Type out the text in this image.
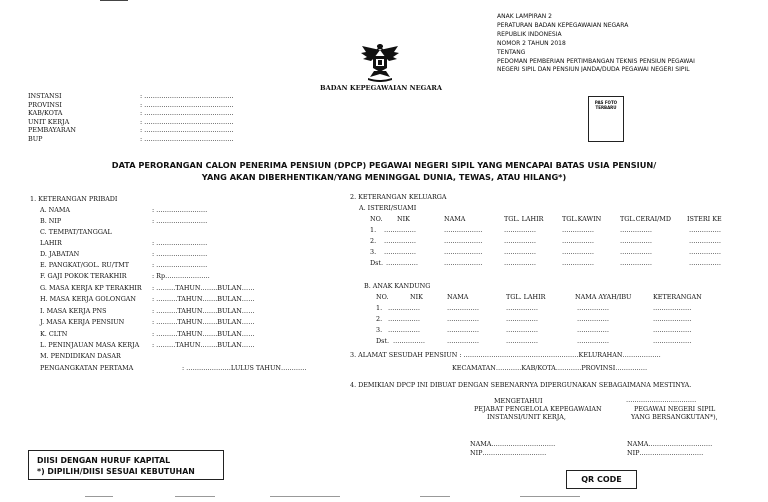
ANAK LAMPIRAN 2
PERATURAN BADAN KEPEGAWAIAN NEGARA
REPUBLIK INDONESIA
NOMOR 2 TAHUN 2018
TENTANG
PEDOMAN PEMBERIAN PERTIMBANGAN TEKNIS PENSIUN PEGAWAI
NEGERI SIPIL DAN PENSIUN JANDA/DUDA PEGAWAI NEGERI SIPIL
BADAN KEPEGAWAIAN NEGARA
PAS FOTO
TERBARU
INSTANSI	: ……………………………………
PROVINSI	: ……………………………………
KAB/KOTA	: ……………………………………
UNIT KERJA	: ……………………………………
PEMBAYARAN	: ……………………………………
BUP	: ……………………………………
DATA PERORANGAN CALON PENERIMA PENSIUN (DPCP) PEGAWAI NEGERI SIPIL YANG MENCAPAI BATAS USIA PENSIUN/
YANG AKAN DIBERHENTIKAN/YANG MENINGGAL DUNIA, TEWAS, ATAU HILANG*)
1. KETERANGAN PRIBADI
A. NAMA	: ……………………
B. NIP	: ……………………
C. TEMPAT/TANGGAL
LAHIR	: ……………………
D. JABATAN	: ……………………
E. PANGKAT/GOL. RU/TMT	: ……………………
F. GAJI POKOK TERAKHIR	: Rp…………………
G. MASA KERJA KP TERAKHIR : ………TAHUN……..BULAN……
H. MASA KERJA GOLONGAN : ……….TAHUN…….BULAN……
I. MASA KERJA PNS	: ……….TAHUN…….BULAN……
J. MASA KERJA PENSIUN	: ……….TAHUN…….BULAN……
K. CLTN	: ……….TAHUN…….BULAN……
L. PENINJAUAN MASA KERJA : ………TAHUN……..BULAN……
M. PENDIDIKAN DASAR
PENGANGKATAN PERTAMA	: …………………LULUS TAHUN…………
2. KETERANGAN KELUARGA
A. ISTERI/SUAMI
NO. NIK	NAMA	TGL. LAHIR	TGL.KAWIN	TGL.CERAI/MD	ISTERI KE
1. ……………	………………	……………	……………	……………	……………
2. ……………	………………	……………	……………	……………	……………
3. ……………	………………	……………	……………	……………	……………
Dst. ……………	………………	……………	……………	……………	……………
B. ANAK KANDUNG
NO.	NIK	NAMA	TGL. LAHIR	NAMA AYAH/IBU	KETERANGAN
1. ……………	……………	……………	……………	………………
2. ……………	……………	……………	……………	………………
3. ……………	……………	……………	……………	………………
Dst. ……………	……………	……………	……………	………………
3. ALAMAT SESUDAH PENSIUN : ………………………………………………KELURAHAN………………
KECAMATAN…………KAB/KOTA…………PROVINSI……………
4. DEMIKIAN DPCP INI DIBUAT DENGAN SEBENARNYA DIPERGUNAKAN SEBAGAIMANA MESTINYA.
MENGETAHUI
PEJABAT PENGELOLA KEPEGAWAIAN
INSTANSI/UNIT KERJA,
NAMA…………………………
NIP…………………………
……………………………
PEGAWAI NEGERI SIPIL
YANG BERSANGKUTAN*),
NAMA…………………………
NIP…………………………
DIISI DENGAN HURUF KAPITAL
*) DIPILIH/DIISI SESUAI KEBUTUHAN
QR CODE
